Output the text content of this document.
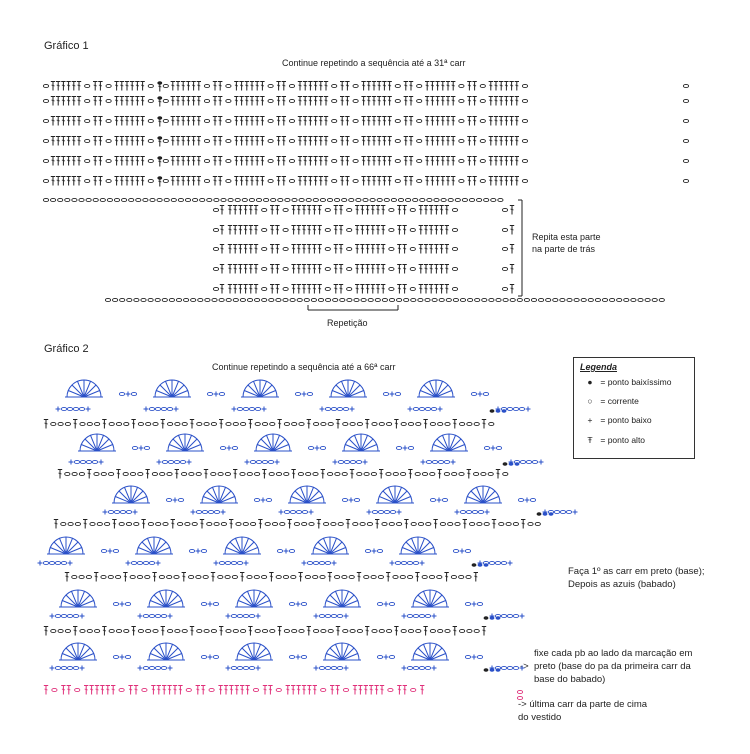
Gráfico 1
Continue repetindo a sequência até a 31ª carr
Repita esta parte
na parte de trás
Repetição
Gráfico 2
Continue repetindo a sequência até a 66ª carr
Faça 1º as carr em preto (base);
Depois as azuis (babado)
fixe cada pb ao lado da marcação em
preto (base do pa da primeira carr da
base do babado)
->
-> última carr da parte de cima
do vestido
Legenda
● = ponto baixíssimo
○ = corrente
+ = ponto baixo
Ŧ = ponto alto
